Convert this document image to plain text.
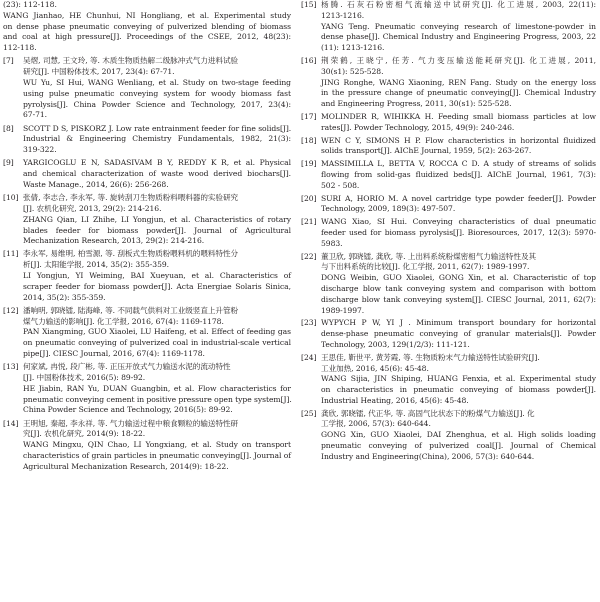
(23): 112-118.
WANG Jianhao, HE Chunhui, NI Hongliang, et al. Experimental study
on dense phase pneumatic conveying of pulverized blending of biomass
and coal at high pressure[J]. Proceedings of the CSEE, 2012, 48(23):
112-118.
[7]	吴熠, 司慧, 王文玲, 等. 木质生物质热解二级脉冲式气力进料试验
研究[J]. 中国粉体技术, 2017, 23(4): 67-71.
WU Yu, SI Hui, WANG Wenliang, et al. Study on two-stage feeding
using pulse pneumatic conveying system for woody biomass fast
pyrolysis[J]. China Powder Science and Technology, 2017, 23(4):
67-71.
[8]	SCOTT D S, PISKORZ J. Low rate entrainment feeder for fine solids[J].
Industrial & Engineering Chemistry Fundamentals, 1982, 21(3):
319-322.
[9]	YARGICOGLU E N, SADASIVAM B Y, REDDY K R, et al. Physical
and chemical characterization of waste wood derived biochars[J].
Waste Manage., 2014, 26(6): 256-268.
[10] 张倩, 李志合, 李永军, 等. 旋转刮刀生物质粉料喂料器的实验研究
[J]. 农机化研究, 2013, 29(2): 214-216.
ZHANG Qian, LI Zhihe, LI Yongjun, et al. Characteristics of rotary
blades feeder for biomass powder[J]. Journal of Agricultural
Mechanization Research, 2013, 29(2): 214-216.
[11] 李永军, 易维明, 柏雪源, 等. 刮板式生物质粉喂料机的喂料特性分
析[J]. 太阳能学报, 2014, 35(2): 355-359.
LI Yongjun, YI Weiming, BAI Xueyuan, et al. Characteristics of
scraper feeder for biomass powder[J]. Acta Energiae Solaris Sinica,
2014, 35(2): 355-359.
[12] 潘响明, 郭晓镭, 陆海峰, 等. 不同载气供料对工业级竖直上升管粉
煤气力输送的影响[J]. 化工学报, 2016, 67(4): 1169-1178.
PAN Xiangming, GUO Xiaolei, LU Haifeng, et al. Effect of feeding gas
on pneumatic conveying of pulverized coal in industrial-scale vertical
pipe[J]. CIESC Journal, 2016, 67(4): 1169-1178.
[13] 何家斌, 冉悦, 段广彬, 等. 正压开放式气力输送水泥的流动特性
[J]. 中国粉体技术, 2016(5): 89-92.
HE Jiabin, RAN Yu, DUAN Guangbin, et al. Flow characteristics for
pneumatic conveying cement in positive pressure open type system[J].
China Powder Science and Technology, 2016(5): 89-92.
[14] 王明旭, 秦超, 李永祥, 等. 气力输送过程中粮食颗粒的输送特性研
究[J]. 农机化研究, 2014(9): 18-22.
WANG Mingxu, QIN Chao, LI Yongxiang, et al. Study on transport
characteristics of grain particles in pneumatic conveying[J]. Journal of
Agricultural Mechanization Research, 2014(9): 18-22.
[15] 杨腾. 石灰石粉密相气流输送中试研究[J]. 化工进展, 2003, 22(11):
1213-1216.
YANG Teng. Pneumatic conveying research of limestone-powder in
dense phase[J]. Chemical Industry and Engineering Progress, 2003, 22
(11): 1213-1216.
[16] 荆荣鹤, 王晓宁, 任芳. 气力变压输送能耗研究[J]. 化工进展, 2011,
30(s1): 525-528.
JING Ronghe, WANG Xiaoning, REN Fang. Study on the energy loss
in the pressure change of pneumatic conveying[J]. Chemical Industry
and Engineering Progress, 2011, 30(s1): 525-528.
[17] MOLINDER R, WIHIKKA H. Feeding small biomass particles at low
rates[J]. Powder Technology, 2015, 49(9): 240-246.
[18] WEN C Y, SIMONS H P. Flow characteristics in horizontal fluidized
solids transport[J]. AIChE Journal, 1959, 5(2): 263-267.
[19] MASSIMILLA L, BETTA V, ROCCA C D. A study of streams of solids
flowing from solid-gas fluidized beds[J]. AIChE Journal, 1961, 7(3):
502 - 508.
[20] SURI A, HORIO M. A novel cartridge type powder feeder[J]. Powder
Technology, 2009, 189(3): 497-507.
[21] WANG Xiao, SI Hui. Conveying characteristics of dual pneumatic
feeder used for biomass pyrolysis[J]. Bioresources, 2017, 12(3): 5970-
5983.
[22] 董卫欣, 郭晓镭, 龚欣, 等. 上出料系统粉煤密相气力输送特性及其
与下出料系统的比较[J]. 化工学报, 2011, 62(7): 1989-1997.
DONG Weibin, GUO Xiaolei, GONG Xin, et al. Characteristic of top
discharge blow tank conveying system and comparison with bottom
discharge blow tank conveying system[J]. CIESC Journal, 2011, 62(7):
1989-1997.
[23] WYPYCH P W, YI J . Minimum transport boundary for horizontal
dense-phase pneumatic conveying of granular materials[J]. Powder
Technology, 2003, 129(1/2/3): 111-121.
[24] 王思佳, 靳世平, 黄芳霞, 等. 生物质粉末气力输送特性试验研究[J].
工业加热, 2016, 45(6): 45-48.
WANG Sijia, JIN Shiping, HUANG Fenxia, et al. Experimental study
on characteristics in pneumatic conveying of biomass powder[J].
Industrial Heating, 2016, 45(6): 45-48.
[25] 龚欣, 郭晓镭, 代正华, 等. 高固气比状态下的粉煤气力输送[J]. 化
工学报, 2006, 57(3): 640-644.
GONG Xin, GUO Xiaolei, DAI Zhenghua, et al. High solids loading
pneumatic conveying of pulverized coal[J]. Journal of Chemical
Industry and Engineering(China), 2006, 57(3): 640-644.
